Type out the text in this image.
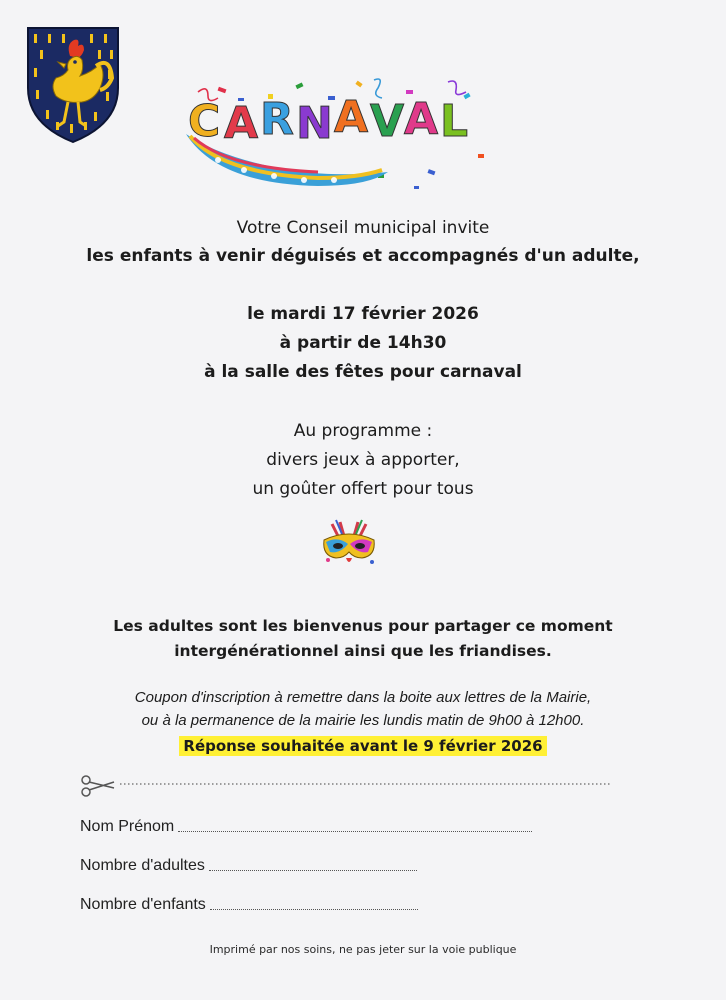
C A R N A V A L
Votre Conseil municipal invite
les enfants à venir déguisés et accompagnés d'un adulte,
le mardi 17 février 2026
à partir de 14h30
à la salle des fêtes pour carnaval
Au programme :
divers jeux à apporter,
un goûter offert pour tous
Les adultes sont les bienvenus pour partager ce moment
intergénérationnel ainsi que les friandises.
Coupon d'inscription à remettre dans la boite aux lettres de la Mairie,
ou à la permanence de la mairie les lundis matin de 9h00 à 12h00.
Réponse souhaitée avant le 9 février 2026
Nom Prénom
Nombre d'adultes
Nombre d'enfants
Imprimé par nos soins, ne pas jeter sur la voie publique
